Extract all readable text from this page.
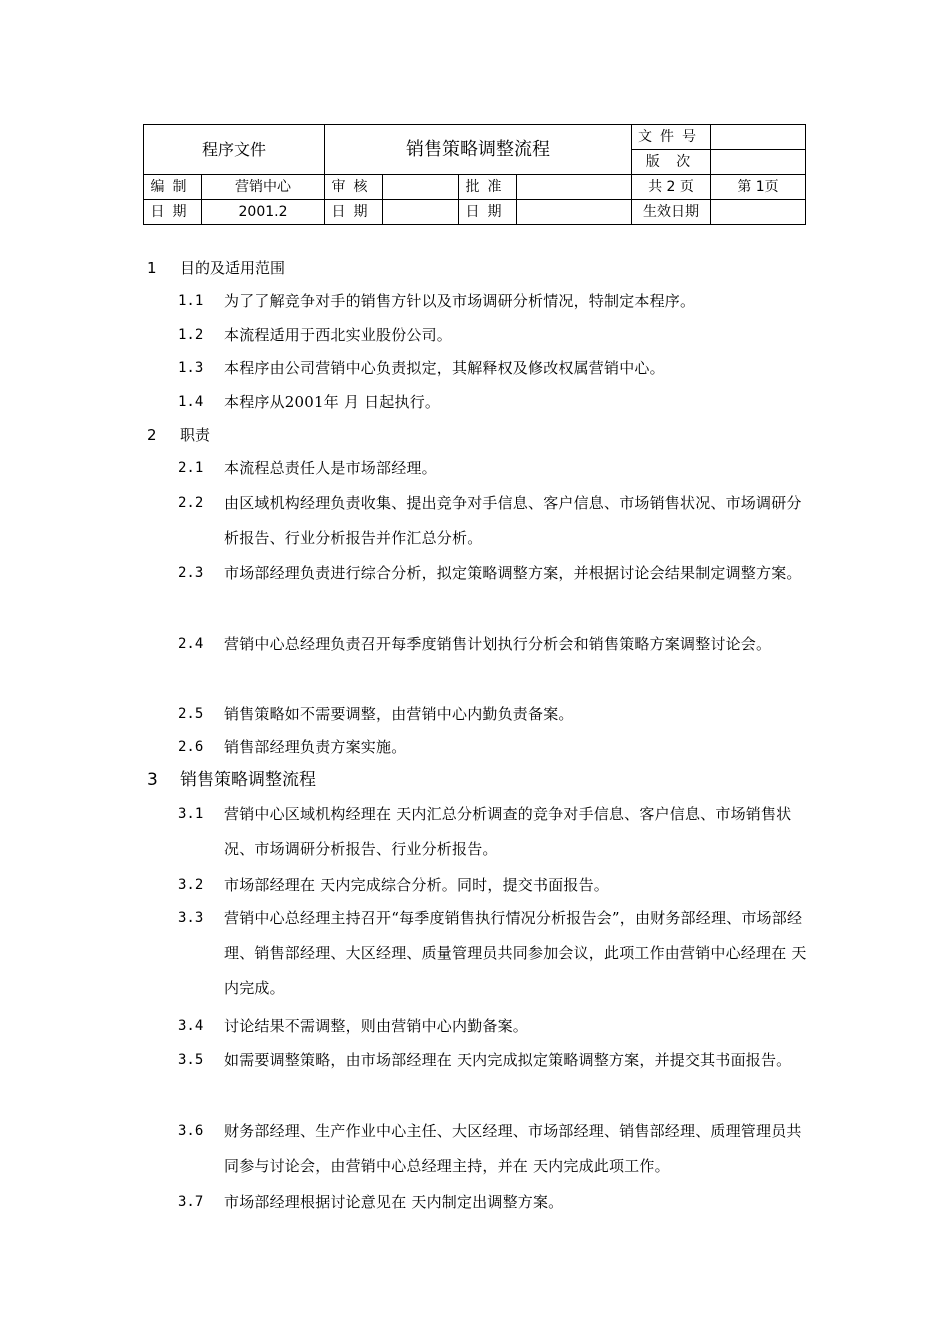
程序文件		销售策略调整流程				文件号	
						版 次	
编制	营销中心	审核		批准		共 2 页	第 1页
日期	2001.2	日期		日期		生效日期	
1 目的及适用范围
1.1	为了了解竞争对手的销售方针以及市场调研分析情况，特制定本程序。
1.2	本流程适用于西北实业股份公司。
1.3	本程序由公司营销中心负责拟定，其解释权及修改权属营销中心。
1.4	本程序从2001年 月 日起执行。
2 职责
2.1	本流程总责任人是市场部经理。
2.2	由区域机构经理负责收集、提出竞争对手信息、客户信息、市场销售状况、市场调研分析报告、行业分析报告并作汇总分析。
2.3	市场部经理负责进行综合分析，拟定策略调整方案，并根据讨论会结果制定调整方案。
2.4	营销中心总经理负责召开每季度销售计划执行分析会和销售策略方案调整讨论会。
2.5	销售策略如不需要调整，由营销中心内勤负责备案。
2.6	销售部经理负责方案实施。
3 销售策略调整流程
3.1	营销中心区域机构经理在 天内汇总分析调查的竞争对手信息、客户信息、市场销售状况、市场调研分析报告、行业分析报告。
3.2	市场部经理在 天内完成综合分析。同时，提交书面报告。
3.3	营销中心总经理主持召开“每季度销售执行情况分析报告会”，由财务部经理、市场部经理、销售部经理、大区经理、质量管理员共同参加会议，此项工作由营销中心经理在 天内完成。
3.4	讨论结果不需调整，则由营销中心内勤备案。
3.5	如需要调整策略，由市场部经理在 天内完成拟定策略调整方案，并提交其书面报告。
3.6	财务部经理、生产作业中心主任、大区经理、市场部经理、销售部经理、质理管理员共同参与讨论会，由营销中心总经理主持，并在 天内完成此项工作。
3.7	市场部经理根据讨论意见在 天内制定出调整方案。
